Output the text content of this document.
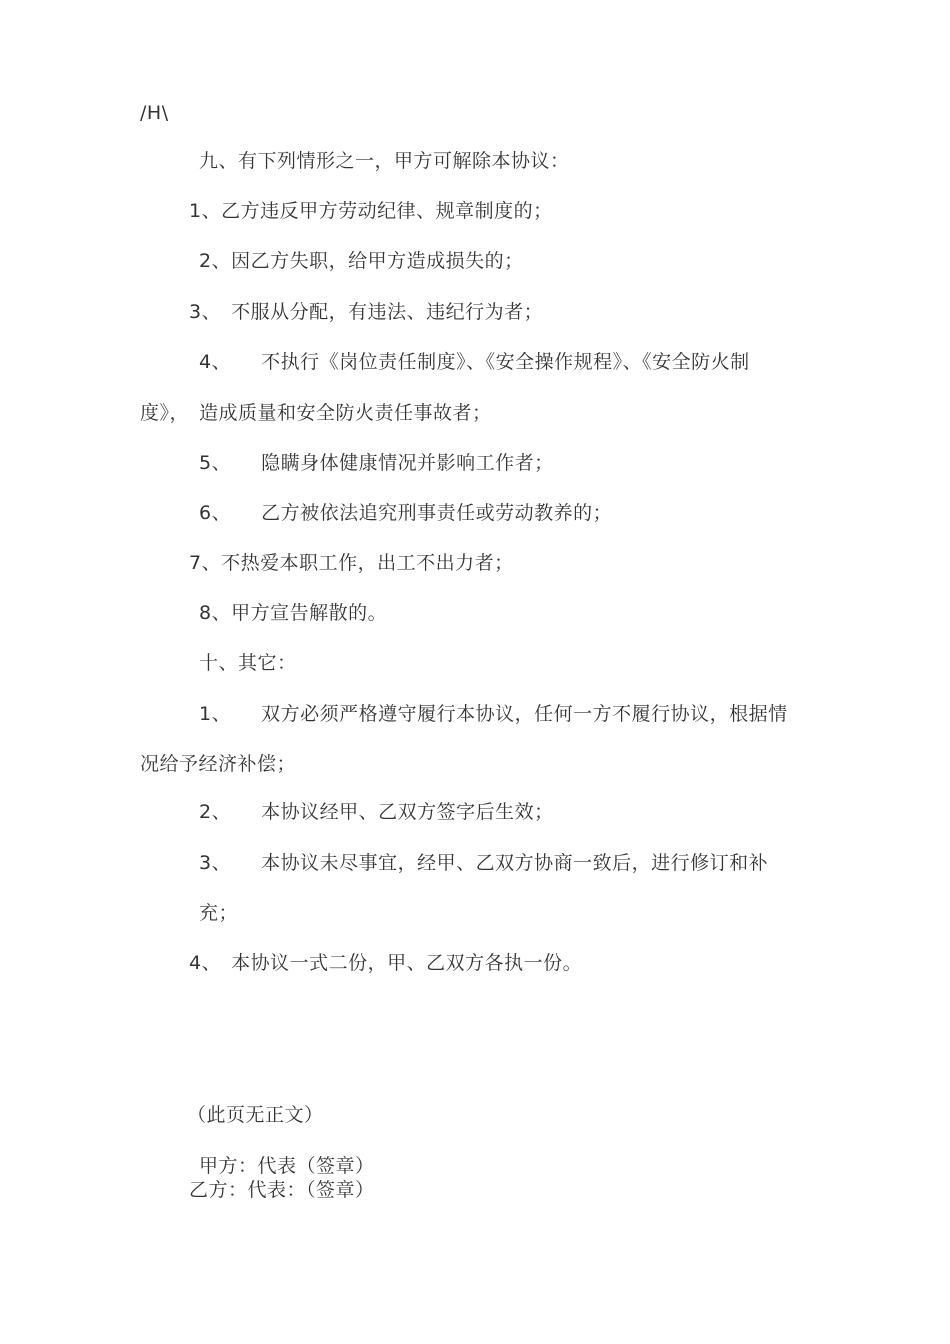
/H\
九、有下列情形之一，甲方可解除本协议：
1、乙方违反甲方劳动纪律、规章制度的；
2、因乙方失职，给甲方造成损失的；
3、 不服从分配，有违法、违纪行为者；
4、 不执行《岗位责任制度》、《安全操作规程》、《安全防火制
度》， 造成质量和安全防火责任事故者；
5、 隐瞒身体健康情况并影响工作者；
6、 乙方被依法追究刑事责任或劳动教养的；
7、不热爱本职工作，出工不出力者；
8、甲方宣告解散的。
十、其它：
1、 双方必须严格遵守履行本协议，任何一方不履行协议，根据情
况给予经济补偿；
2、 本协议经甲、乙双方签字后生效；
3、 本协议未尽事宜，经甲、乙双方协商一致后，进行修订和补
充；
4、 本协议一式二份，甲、乙双方各执一份。
（此页无正文）
甲方：代表（签章）
乙方：代表：（签章）
